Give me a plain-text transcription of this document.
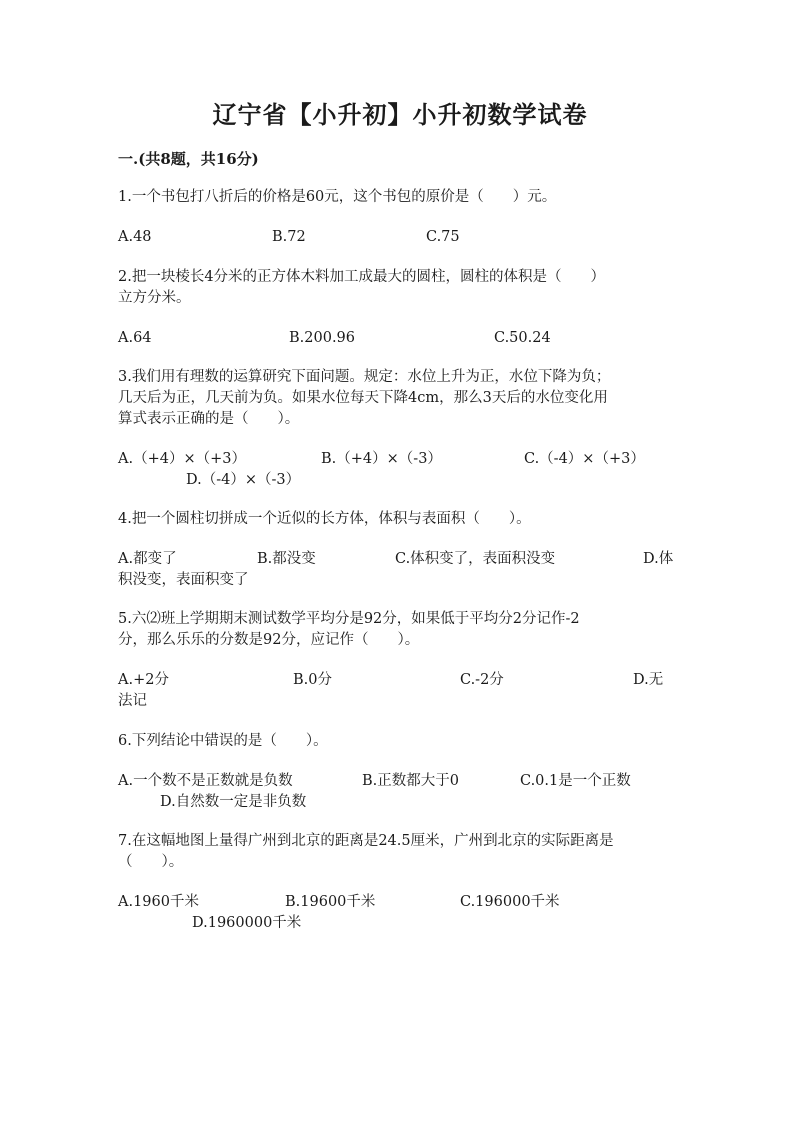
辽宁省【小升初】小升初数学试卷
一.(共8题，共16分)
1.一个书包打八折后的价格是60元，这个书包的原价是（　　）元。
A.48	B.72	C.75
2.把一块棱长4分米的正方体木料加工成最大的圆柱，圆柱的体积是（　　）
立方分米。
A.64	B.200.96	C.50.24
3.我们用有理数的运算研究下面问题。规定：水位上升为正，水位下降为负；
几天后为正，几天前为负。如果水位每天下降4cm，那么3天后的水位变化用
算式表示正确的是（　　）。
A.（+4）×（+3）	B.（+4）×（-3）	C.（-4）×（+3）
D.（-4）×（-3）
4.把一个圆柱切拼成一个近似的长方体，体积与表面积（　　）。
A.都变了	B.都没变	C.体积变了，表面积没变	D.体
积没变，表面积变了
5.六⑵班上学期期末测试数学平均分是92分，如果低于平均分2分记作-2
分，那么乐乐的分数是92分，应记作（　　）。
A.+2分	B.0分	C.-2分	D.无
法记
6.下列结论中错误的是（　　）。
A.一个数不是正数就是负数	B.正数都大于0	C.0.1是一个正数
D.自然数一定是非负数
7.在这幅地图上量得广州到北京的距离是24.5厘米，广州到北京的实际距离是
（　　）。
A.1960千米	B.19600千米	C.196000千米
D.1960000千米
